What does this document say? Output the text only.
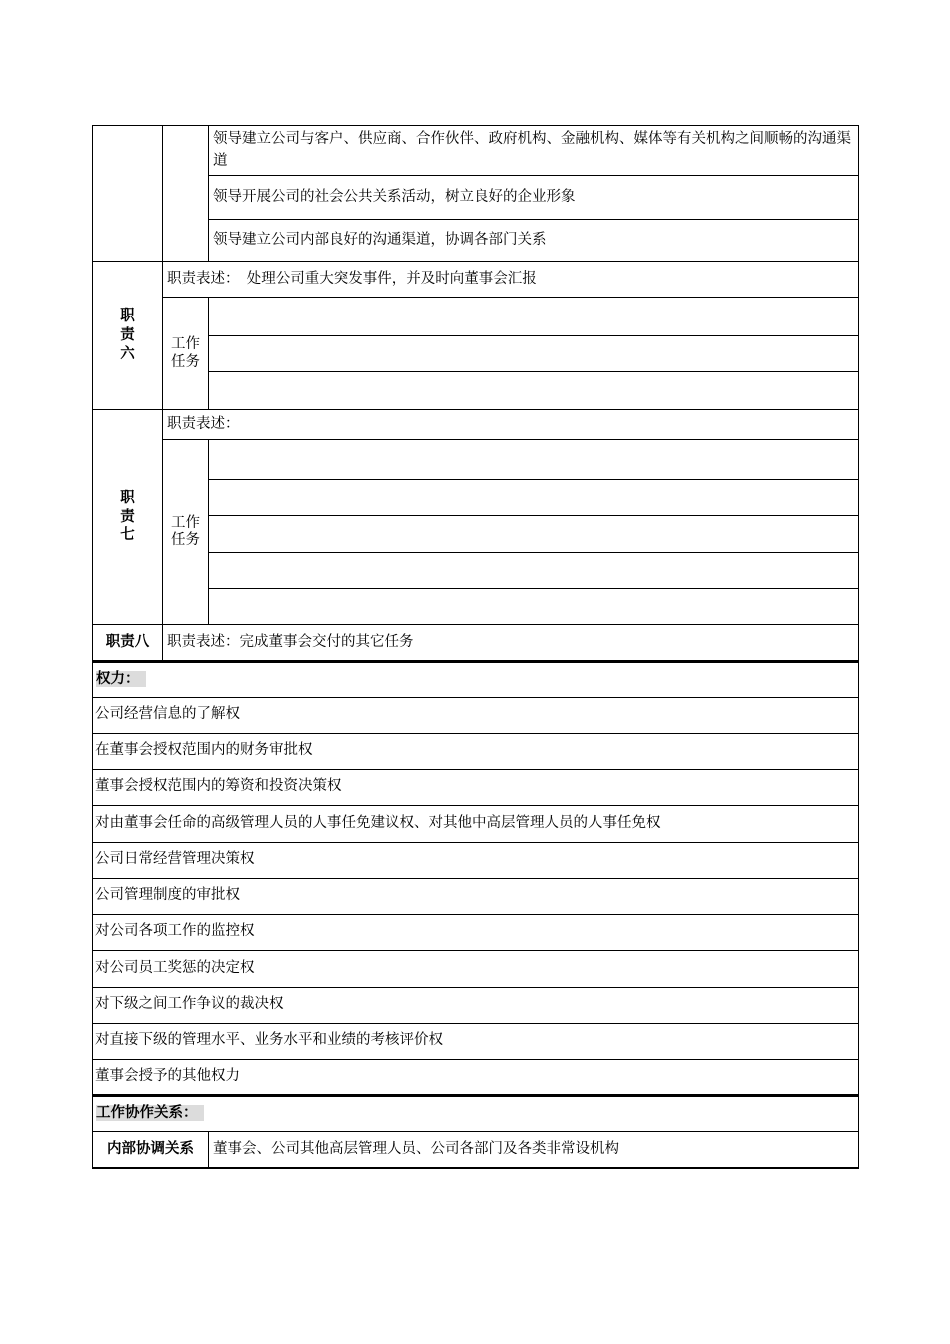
		领导建立公司与客户、供应商、合作伙伴、政府机构、金融机构、媒体等有关机构之间顺畅的沟通渠道
		领导开展公司的社会公共关系活动，树立良好的企业形象
		领导建立公司内部良好的沟通渠道，协调各部门关系
职责六	职责表述：　处理公司重大突发事件，并及时向董事会汇报	
	工作任务	

职责七	职责表述：	
	工作任务	

职责八	职责表述：完成董事会交付的其它任务	
权力：
公司经营信息的了解权
在董事会授权范围内的财务审批权
董事会授权范围内的筹资和投资决策权
对由董事会任命的高级管理人员的人事任免建议权、对其他中高层管理人员的人事任免权
公司日常经营管理决策权
公司管理制度的审批权
对公司各项工作的监控权
对公司员工奖惩的决定权
对下级之间工作争议的裁决权
对直接下级的管理水平、业务水平和业绩的考核评价权
董事会授予的其他权力
工作协作关系：
内部协调关系	董事会、公司其他高层管理人员、公司各部门及各类非常设机构
